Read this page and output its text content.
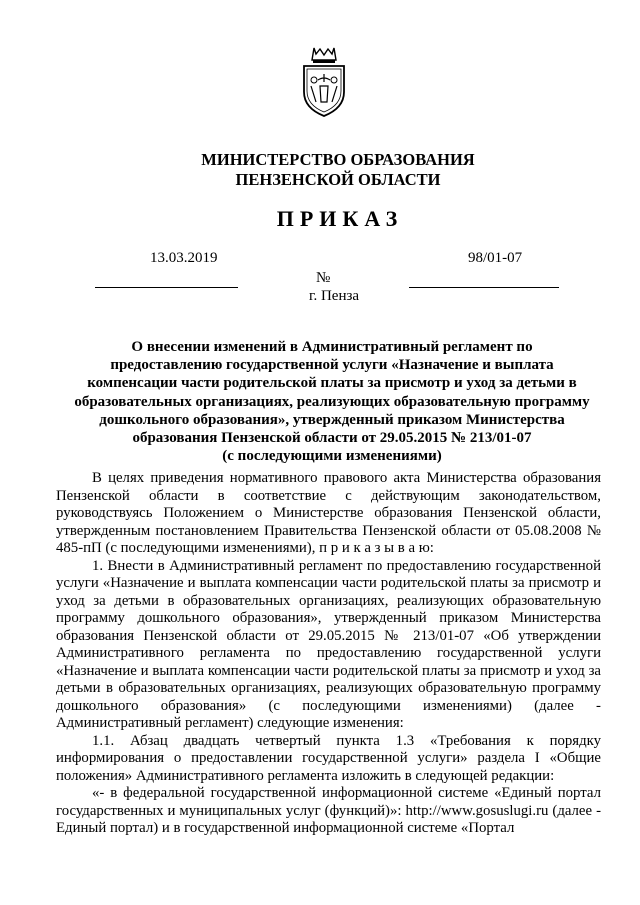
МИНИСТЕРСТВО ОБРАЗОВАНИЯ
ПЕНЗЕНСКОЙ ОБЛАСТИ
ПРИКАЗ
13.03.2019
№
г. Пенза
98/01-07
О внесении изменений в Административный регламент по
предоставлению государственной услуги «Назначение и выплата
компенсации части родительской платы за присмотр и уход за детьми в
образовательных организациях, реализующих образовательную программу
дошкольного образования», утвержденный приказом Министерства
образования Пензенской области от 29.05.2015 № 213/01-07
(с последующими изменениями)

В целях приведения нормативного правового акта Министерства образования Пензенской области в соответствие с действующим законодательством, руководствуясь Положением о Министерстве образования Пензенской области, утвержденным постановлением Правительства Пензенской области от 05.08.2008 № 485-пП (с последующими изменениями), п р и к а з ы в а ю:

1. Внести в Административный регламент по предоставлению государственной услуги «Назначение и выплата компенсации части родительской платы за присмотр и уход за детьми в образовательных организациях, реализующих образовательную программу дошкольного образования», утвержденный приказом Министерства образования Пензенской области от 29.05.2015 № 213/01-07 «Об утверждении Административного регламента по предоставлению государственной услуги «Назначение и выплата компенсации части родительской платы за присмотр и уход за детьми в образовательных организациях, реализующих образовательную программу дошкольного образования» (с последующими изменениями) (далее - Административный регламент) следующие изменения:

1.1. Абзац двадцать четвертый пункта 1.3 «Требования к порядку информирования о предоставлении государственной услуги» раздела I «Общие положения» Административного регламента изложить в следующей редакции:

«- в федеральной государственной информационной системе «Единый портал государственных и муниципальных услуг (функций)»: http://www.gosuslugi.ru (далее - Единый портал) и в государственной информационной системе «Портал
